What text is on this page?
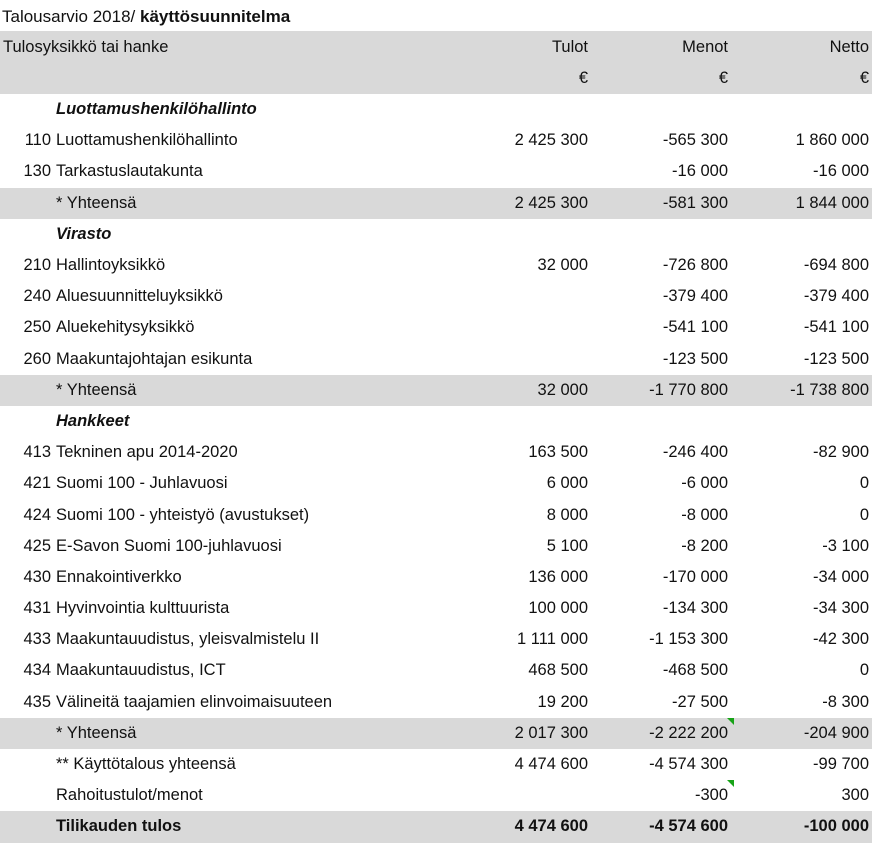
Talousarvio 2018/ käyttösuunnitelma
Tulosyksikkö tai hanke		Tulot	Menot	Netto
		€	€	€
	Luottamushenkilöhallinto			
110	Luottamushenkilöhallinto	2 425 300	-565 300	1 860 000
130	Tarkastuslautakunta		-16 000	-16 000
	* Yhteensä	2 425 300	-581 300	1 844 000
	Virasto			
210	Hallintoyksikkö	32 000	-726 800	-694 800
240	Aluesuunnitteluyksikkö		-379 400	-379 400
250	Aluekehitysyksikkö		-541 100	-541 100
260	Maakuntajohtajan esikunta		-123 500	-123 500
	* Yhteensä	32 000	-1 770 800	-1 738 800
	Hankkeet			
413	Tekninen apu 2014-2020	163 500	-246 400	-82 900
421	Suomi 100 - Juhlavuosi	6 000	-6 000	0
424	Suomi 100 - yhteistyö (avustukset)	8 000	-8 000	0
425	E-Savon Suomi 100-juhlavuosi	5 100	-8 200	-3 100
430	Ennakointiverkko	136 000	-170 000	-34 000
431	Hyvinvointia kulttuurista	100 000	-134 300	-34 300
433	Maakuntauudistus, yleisvalmistelu II	1 111 000	-1 153 300	-42 300
434	Maakuntauudistus, ICT	468 500	-468 500	0
435	Välineitä taajamien elinvoimaisuuteen	19 200	-27 500	-8 300
	* Yhteensä	2 017 300	-2 222 200	-204 900
	** Käyttötalous yhteensä	4 474 600	-4 574 300	-99 700
	Rahoitustulot/menot		-300	300
	Tilikauden tulos	4 474 600	-4 574 600	-100 000
